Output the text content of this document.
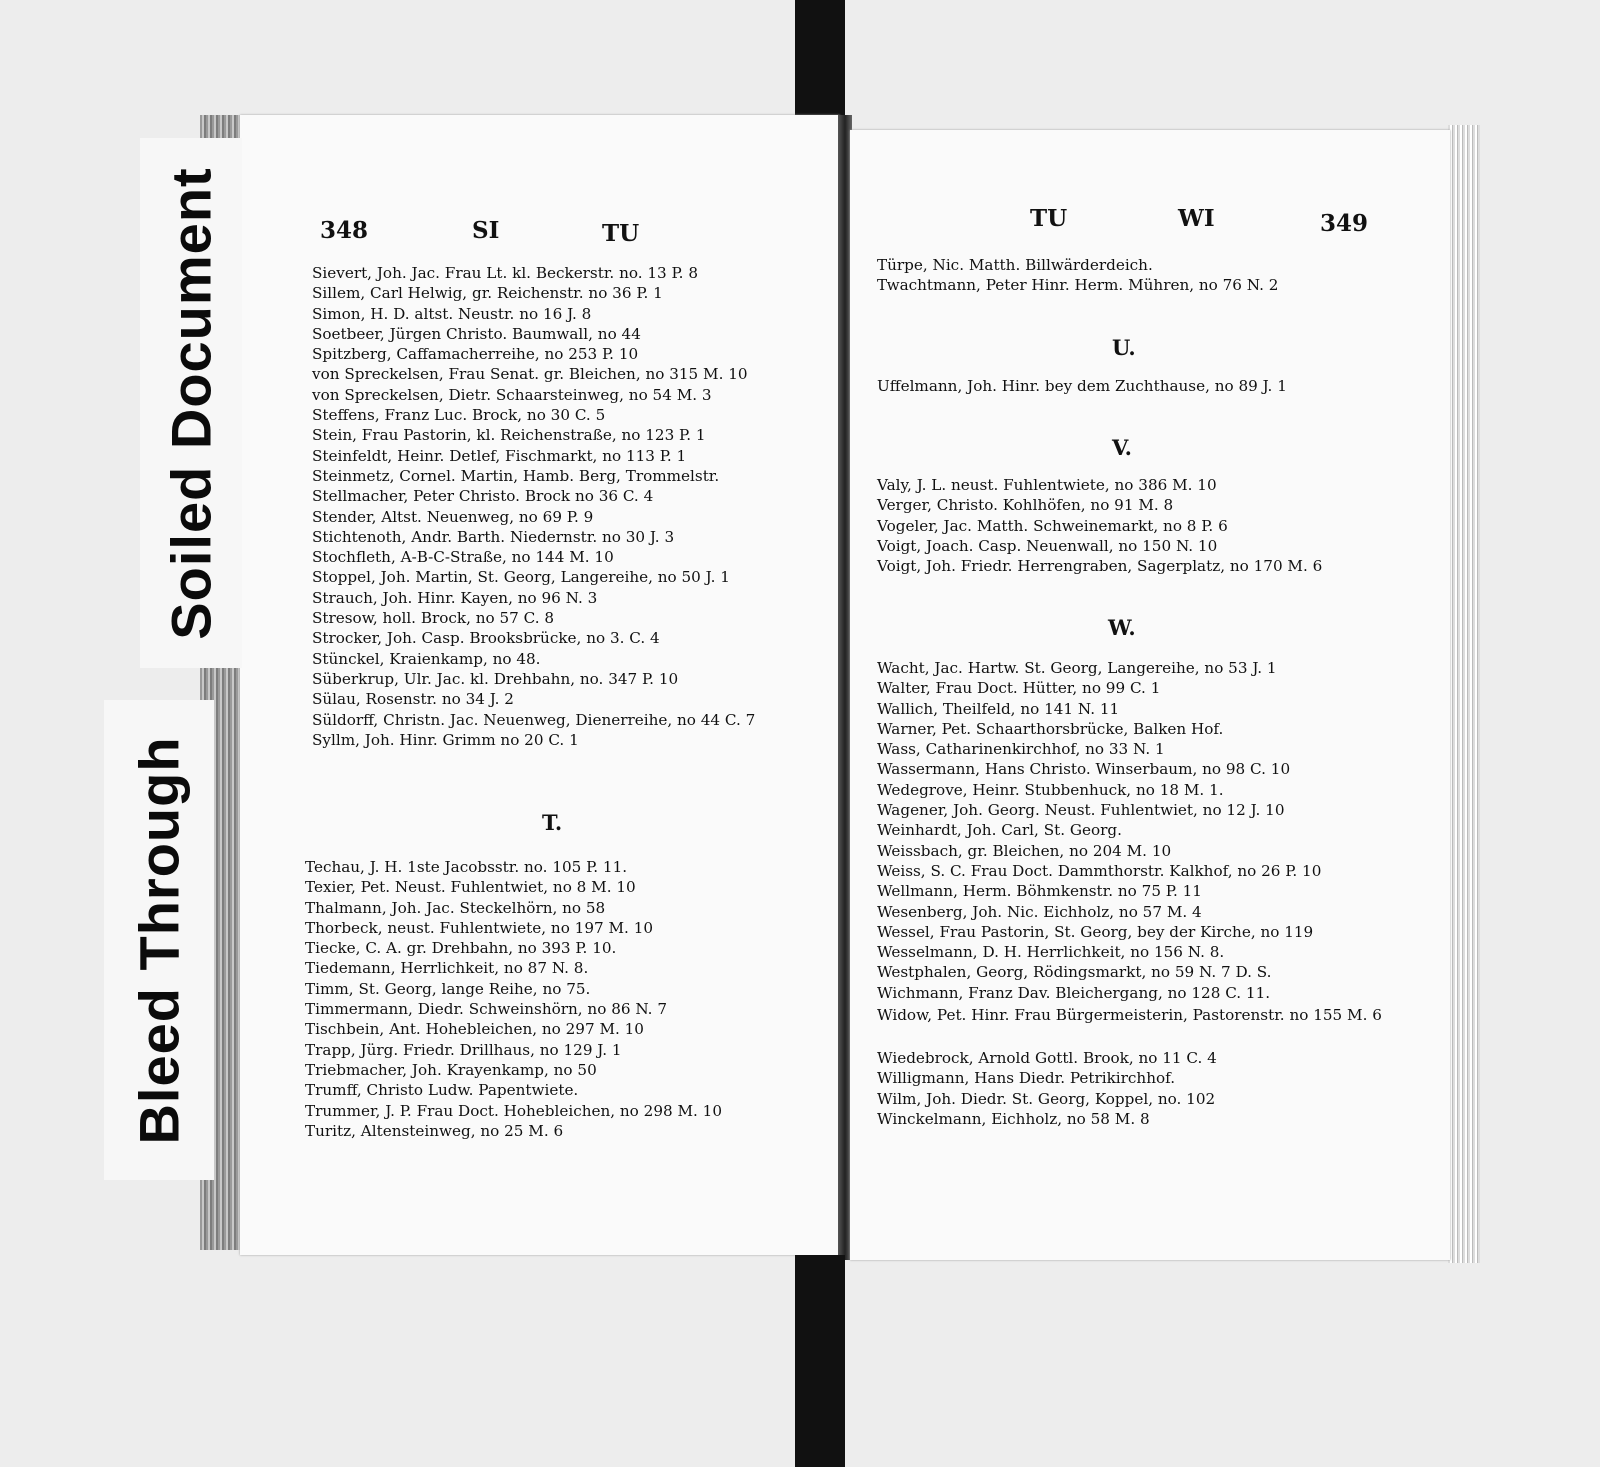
348	SI	TU
Sievert, Joh. Jac. Frau Lt. kl. Beckerstr. no. 13 P. 8
Sillem, Carl Helwig, gr. Reichenstr. no 36 P. 1
Simon, H. D. altst. Neustr. no 16 J. 8
Soetbeer, Jürgen Christo. Baumwall, no 44
Spitzberg, Caffamacherreihe, no 253 P. 10
von Spreckelsen, Frau Senat. gr. Bleichen, no 315 M. 10
von Spreckelsen, Dietr. Schaarsteinweg, no 54 M. 3
Steffens, Franz Luc. Brock, no 30 C. 5
Stein, Frau Pastorin, kl. Reichenstraße, no 123 P. 1
Steinfeldt, Heinr. Detlef, Fischmarkt, no 113 P. 1
Steinmetz, Cornel. Martin, Hamb. Berg, Trommelstr.
Stellmacher, Peter Christo. Brock no 36 C. 4
Stender, Altst. Neuenweg, no 69 P. 9
Stichtenoth, Andr. Barth. Niedernstr. no 30 J. 3
Stochfleth, A-B-C-Straße, no 144 M. 10
Stoppel, Joh. Martin, St. Georg, Langereihe, no 50 J. 1
Strauch, Joh. Hinr. Kayen, no 96 N. 3
Stresow, holl. Brock, no 57 C. 8
Strocker, Joh. Casp. Brooksbrücke, no 3. C. 4
Stünckel, Kraienkamp, no 48.
Süberkrup, Ulr. Jac. kl. Drehbahn, no. 347 P. 10
Sülau, Rosenstr. no 34 J. 2
Süldorff, Christn. Jac. Neuenweg, Dienerreihe, no 44 C. 7
Syllm, Joh. Hinr. Grimm no 20 C. 1
T.
Techau, J. H. 1ste Jacobsstr. no. 105 P. 11.
Texier, Pet. Neust. Fuhlentwiet, no 8 M. 10
Thalmann, Joh. Jac. Steckelhörn, no 58
Thorbeck, neust. Fuhlentwiete, no 197 M. 10
Tiecke, C. A. gr. Drehbahn, no 393 P. 10.
Tiedemann, Herrlichkeit, no 87 N. 8.
Timm, St. Georg, lange Reihe, no 75.
Timmermann, Diedr. Schweinshörn, no 86 N. 7
Tischbein, Ant. Hohebleichen, no 297 M. 10
Trapp, Jürg. Friedr. Drillhaus, no 129 J. 1
Triebmacher, Joh. Krayenkamp, no 50
Trumff, Christo Ludw. Papentwiete.
Trummer, J. P. Frau Doct. Hohebleichen, no 298 M. 10
Turitz, Altensteinweg, no 25 M. 6
TU	WI	349
Türpe, Nic. Matth. Billwärderdeich.
Twachtmann, Peter Hinr. Herm. Mühren, no 76 N. 2
U.
Uffelmann, Joh. Hinr. bey dem Zuchthause, no 89 J. 1
V.
Valy, J. L. neust. Fuhlentwiete, no 386 M. 10
Verger, Christo. Kohlhöfen, no 91 M. 8
Vogeler, Jac. Matth. Schweinemarkt, no 8 P. 6
Voigt, Joach. Casp. Neuenwall, no 150 N. 10
Voigt, Joh. Friedr. Herrengraben, Sagerplatz, no 170 M. 6
W.
Wacht, Jac. Hartw. St. Georg, Langereihe, no 53 J. 1
Walter, Frau Doct. Hütter, no 99 C. 1
Wallich, Theilfeld, no 141 N. 11
Warner, Pet. Schaarthorsbrücke, Balken Hof.
Wass, Catharinenkirchhof, no 33 N. 1
Wassermann, Hans Christo. Winserbaum, no 98 C. 10
Wedegrove, Heinr. Stubbenhuck, no 18 M. 1.
Wagener, Joh. Georg. Neust. Fuhlentwiet, no 12 J. 10
Weinhardt, Joh. Carl, St. Georg.
Weissbach, gr. Bleichen, no 204 M. 10
Weiss, S. C. Frau Doct. Dammthorstr. Kalkhof, no 26 P. 10
Wellmann, Herm. Böhmkenstr. no 75 P. 11
Wesenberg, Joh. Nic. Eichholz, no 57 M. 4
Wessel, Frau Pastorin, St. Georg, bey der Kirche, no 119
Wesselmann, D. H. Herrlichkeit, no 156 N. 8.
Westphalen, Georg, Rödingsmarkt, no 59 N. 7 D. S.
Wichmann, Franz Dav. Bleichergang, no 128 C. 11.
Widow, Pet. Hinr. Frau Bürgermeisterin, Pastorenstr. no 155 M. 6
Wiedebrock, Arnold Gottl. Brook, no 11 C. 4
Willigmann, Hans Diedr. Petrikirchhof.
Wilm, Joh. Diedr. St. Georg, Koppel, no. 102
Winckelmann, Eichholz, no 58 M. 8
Soiled Document
Bleed Through
